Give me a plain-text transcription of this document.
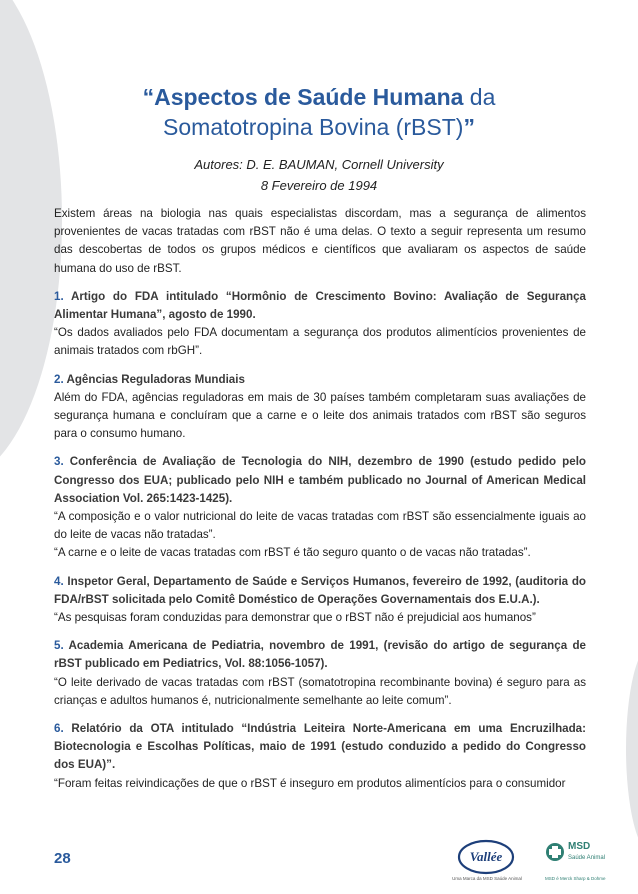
“Aspectos de Saúde Humana da
Somatotropina Bovina (rBST)”
Autores: D. E. BAUMAN, Cornell University
8 Fevereiro de 1994

Existem áreas na biologia nas quais especialistas discordam, mas a segurança de alimentos provenientes de vacas tratadas com rBST não é uma delas. O texto a seguir representa um resumo das descobertas de todos os grupos médicos e científicos que avaliaram os aspectos de saúde humana do uso de rBST.

1. Artigo do FDA intitulado “Hormônio de Crescimento Bovino: Avaliação de Segurança Alimentar Humana”, agosto de 1990.

“Os dados avaliados pelo FDA documentam a segurança dos produtos alimentícios provenientes de animais tratados com rbGH”.

2. Agências Reguladoras Mundiais

Além do FDA, agências reguladoras em mais de 30 países também completaram suas avaliações de segurança humana e concluíram que a carne e o leite dos animais tratados com rBST são seguros para o consumo humano.

3. Conferência de Avaliação de Tecnologia do NIH, dezembro de 1990 (estudo pedido pelo Congresso dos EUA; publicado pelo NIH e também publicado no Journal of American Medical Association Vol. 265:1423-1425).

“A composição e o valor nutricional do leite de vacas tratadas com rBST são essencialmente iguais ao do leite de vacas não tratadas”.

“A carne e o leite de vacas tratadas com rBST é tão seguro quanto o de vacas não tratadas”.

4. Inspetor Geral, Departamento de Saúde e Serviços Humanos, fevereiro de 1992, (auditoria do FDA/rBST solicitada pelo Comitê Doméstico de Operações Governamentais dos E.U.A.).

“As pesquisas foram conduzidas para demonstrar que o rBST não é prejudicial aos humanos”

5. Academia Americana de Pediatria, novembro de 1991, (revisão do artigo de segurança de rBST publicado em Pediatrics, Vol. 88:1056-1057).

“O leite derivado de vacas tratadas com rBST (somatotropina recombinante bovina) é seguro para as crianças e adultos humanos é, nutricionalmente semelhante ao leite comum”.

6. Relatório da OTA intitulado “Indústria Leiteira Norte-Americana em uma Encruzilhada: Biotecnologia e Escolhas Políticas, maio de 1991 (estudo conduzido a pedido do Congresso dos EUA)”.

“Foram feitas reivindicações de que o rBST é inseguro em produtos alimentícios para o consumidor

28	Vallée
Uma Marca da MSD Saúde Animal
MSD
Saúde Animal
MSD é Merck Sharp & Dohme
